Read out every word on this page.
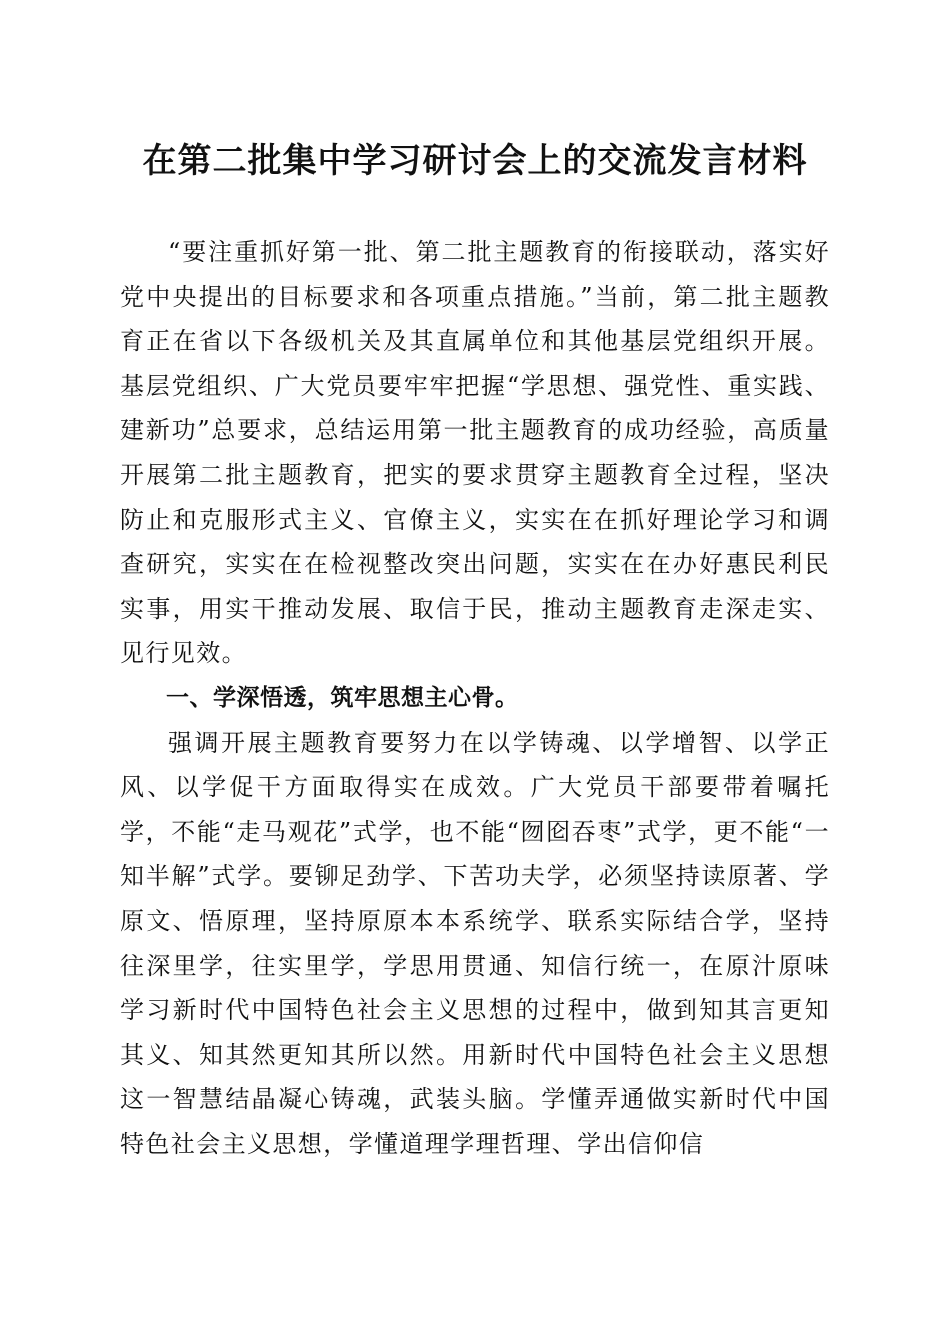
在第二批集中学习研讨会上的交流发言材料

“要注重抓好第一批、第二批主题教育的衔接联动，落实好党中央提出的目标要求和各项重点措施。”当前，第二批主题教育正在省以下各级机关及其直属单位和其他基层党组织开展。基层党组织、广大党员要牢牢把握“学思想、强党性、重实践、建新功”总要求，总结运用第一批主题教育的成功经验，高质量开展第二批主题教育，把实的要求贯穿主题教育全过程，坚决防止和克服形式主义、官僚主义，实实在在抓好理论学习和调查研究，实实在在检视整改突出问题，实实在在办好惠民利民实事，用实干推动发展、取信于民，推动主题教育走深走实、见行见效。

一、学深悟透，筑牢思想主心骨。

强调开展主题教育要努力在以学铸魂、以学增智、以学正风、以学促干方面取得实在成效。广大党员干部要带着嘱托学，不能“走马观花”式学，也不能“囫囵吞枣”式学，更不能“一知半解”式学。要铆足劲学、下苦功夫学，必须坚持读原著、学原文、悟原理，坚持原原本本系统学、联系实际结合学，坚持往深里学，往实里学，学思用贯通、知信行统一，在原汁原味学习新时代中国特色社会主义思想的过程中，做到知其言更知其义、知其然更知其所以然。用新时代中国特色社会主义思想这一智慧结晶凝心铸魂，武装头脑。学懂弄通做实新时代中国特色社会主义思想，学懂道理学理哲理、学出信仰信
